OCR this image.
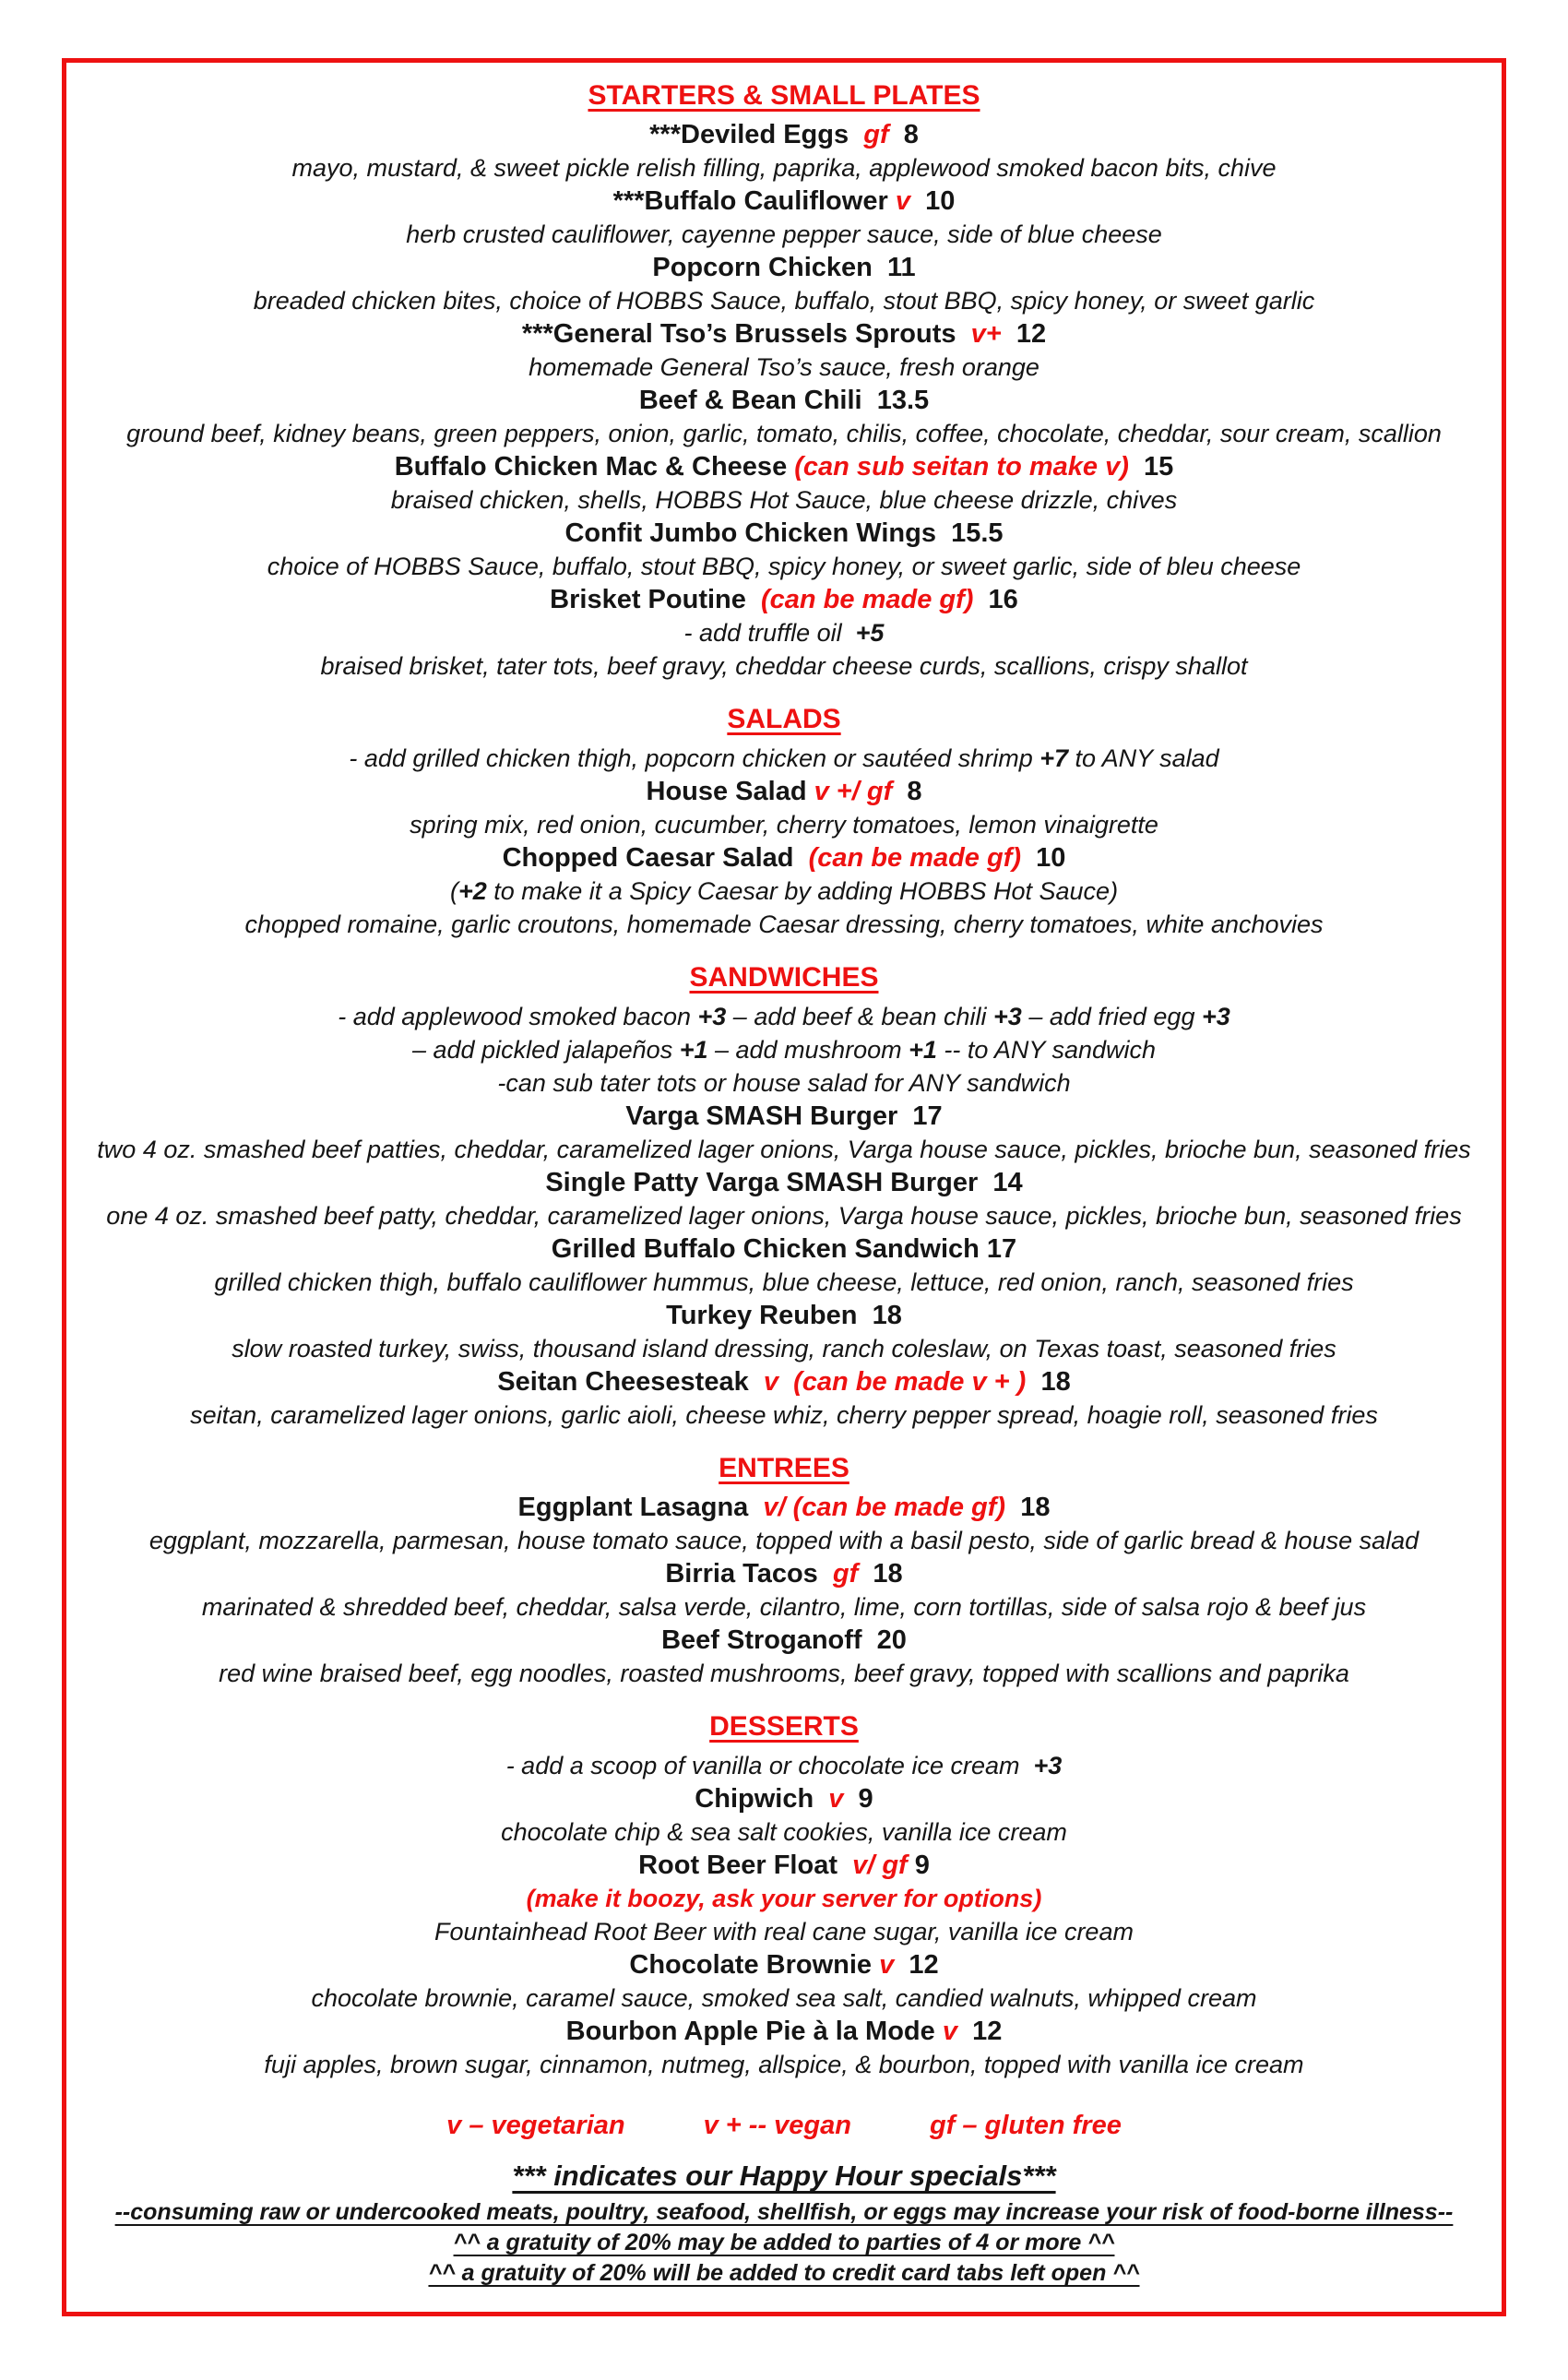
STARTERS & SMALL PLATES
***Deviled Eggs  gf  8
mayo, mustard, & sweet pickle relish filling, paprika, applewood smoked bacon bits, chive
***Buffalo Cauliflower v  10
herb crusted cauliflower, cayenne pepper sauce, side of blue cheese
Popcorn Chicken  11
breaded chicken bites, choice of HOBBS Sauce, buffalo, stout BBQ, spicy honey, or sweet garlic
***General Tso’s Brussels Sprouts  v+  12
homemade General Tso’s sauce, fresh orange
Beef & Bean Chili  13.5
ground beef, kidney beans, green peppers, onion, garlic, tomato, chilis, coffee, chocolate, cheddar, sour cream, scallion
Buffalo Chicken Mac & Cheese (can sub seitan to make v)  15
braised chicken, shells, HOBBS Hot Sauce, blue cheese drizzle, chives
Confit Jumbo Chicken Wings  15.5
choice of HOBBS Sauce, buffalo, stout BBQ, spicy honey, or sweet garlic, side of bleu cheese
Brisket Poutine  (can be made gf)  16
- add truffle oil  +5
braised brisket, tater tots, beef gravy, cheddar cheese curds, scallions, crispy shallot
SALADS
- add grilled chicken thigh, popcorn chicken or sautéed shrimp +7 to ANY salad
House Salad v +/ gf  8
spring mix, red onion, cucumber, cherry tomatoes, lemon vinaigrette
Chopped Caesar Salad  (can be made gf)  10
(+2 to make it a Spicy Caesar by adding HOBBS Hot Sauce)
chopped romaine, garlic croutons, homemade Caesar dressing, cherry tomatoes, white anchovies
SANDWICHES
- add applewood smoked bacon +3 – add beef & bean chili +3 – add fried egg +3
– add pickled jalapeños +1 – add mushroom +1 -- to ANY sandwich
-can sub tater tots or house salad for ANY sandwich
Varga SMASH Burger  17
two 4 oz. smashed beef patties, cheddar, caramelized lager onions, Varga house sauce, pickles, brioche bun, seasoned fries
Single Patty Varga SMASH Burger  14
one 4 oz. smashed beef patty, cheddar, caramelized lager onions, Varga house sauce, pickles, brioche bun, seasoned fries
Grilled Buffalo Chicken Sandwich 17
grilled chicken thigh, buffalo cauliflower hummus, blue cheese, lettuce, red onion, ranch, seasoned fries
Turkey Reuben  18
slow roasted turkey, swiss, thousand island dressing, ranch coleslaw, on Texas toast, seasoned fries
Seitan Cheesesteak  v  (can be made v + )  18
seitan, caramelized lager onions, garlic aioli, cheese whiz, cherry pepper spread, hoagie roll, seasoned fries
ENTREES
Eggplant Lasagna  v/ (can be made gf)  18
eggplant, mozzarella, parmesan, house tomato sauce, topped with a basil pesto, side of garlic bread & house salad
Birria Tacos  gf  18
marinated & shredded beef, cheddar, salsa verde, cilantro, lime, corn tortillas, side of salsa rojo & beef jus
Beef Stroganoff  20
red wine braised beef, egg noodles, roasted mushrooms, beef gravy, topped with scallions and paprika
DESSERTS
- add a scoop of vanilla or chocolate ice cream  +3
Chipwich  v  9
chocolate chip & sea salt cookies, vanilla ice cream
Root Beer Float  v/ gf 9
(make it boozy, ask your server for options)
Fountainhead Root Beer with real cane sugar, vanilla ice cream
Chocolate Brownie v  12
chocolate brownie, caramel sauce, smoked sea salt, candied walnuts, whipped cream
Bourbon Apple Pie à la Mode v  12
fuji apples, brown sugar, cinnamon, nutmeg, allspice, & bourbon, topped with vanilla ice cream
v – vegetarian	v + -- vegan	gf – gluten free
*** indicates our Happy Hour specials***
--consuming raw or undercooked meats, poultry, seafood, shellfish, or eggs may increase your risk of food-borne illness--
^^ a gratuity of 20% may be added to parties of 4 or more ^^
^^ a gratuity of 20% will be added to credit card tabs left open ^^
